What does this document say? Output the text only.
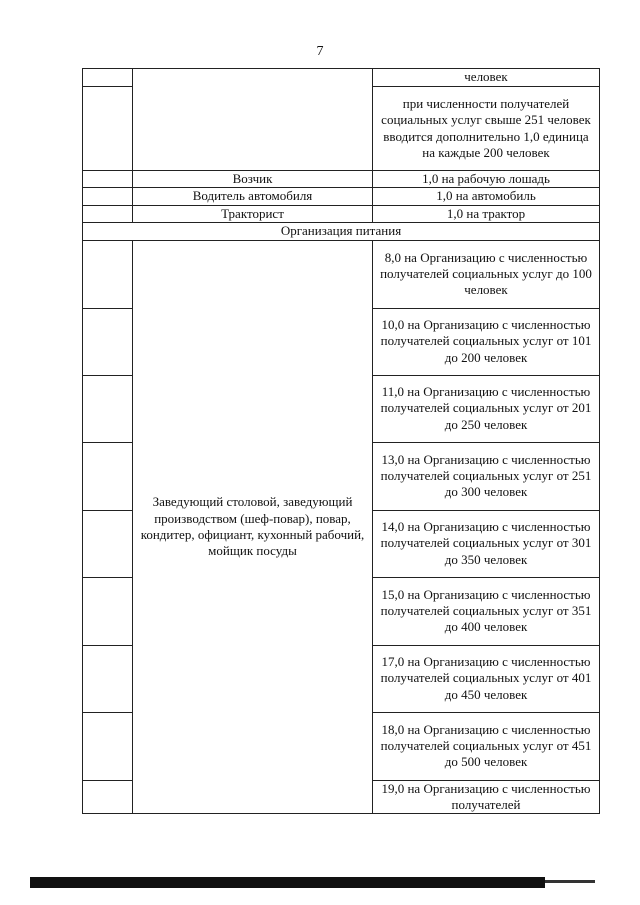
7
		человек
		при численности получателей социальных услуг свыше 251 человек вводится дополнительно 1,0 единица на каждые 200 человек
	Возчик	1,0 на рабочую лошадь
	Водитель автомобиля	1,0 на автомобиль
	Тракторист	1,0 на трактор
Организация питания		
	Заведующий столовой, заведующий производством (шеф-повар), повар, кондитер, официант, кухонный рабочий, мойщик посуды	8,0 на Организацию с численностью получателей социальных услуг до 100 человек
		10,0 на Организацию с численностью получателей социальных услуг от 101 до 200 человек
		11,0 на Организацию с численностью получателей социальных услуг от 201 до 250 человек
		13,0 на Организацию с численностью получателей социальных услуг от 251 до 300 человек
		14,0 на Организацию с численностью получателей социальных услуг от 301 до 350 человек
		15,0 на Организацию с численностью получателей социальных услуг от 351 до 400 человек
		17,0 на Организацию с численностью получателей социальных услуг от 401 до 450 человек
		18,0 на Организацию с численностью получателей социальных услуг от 451 до 500 человек
		19,0 на Организацию с численностью получателей
